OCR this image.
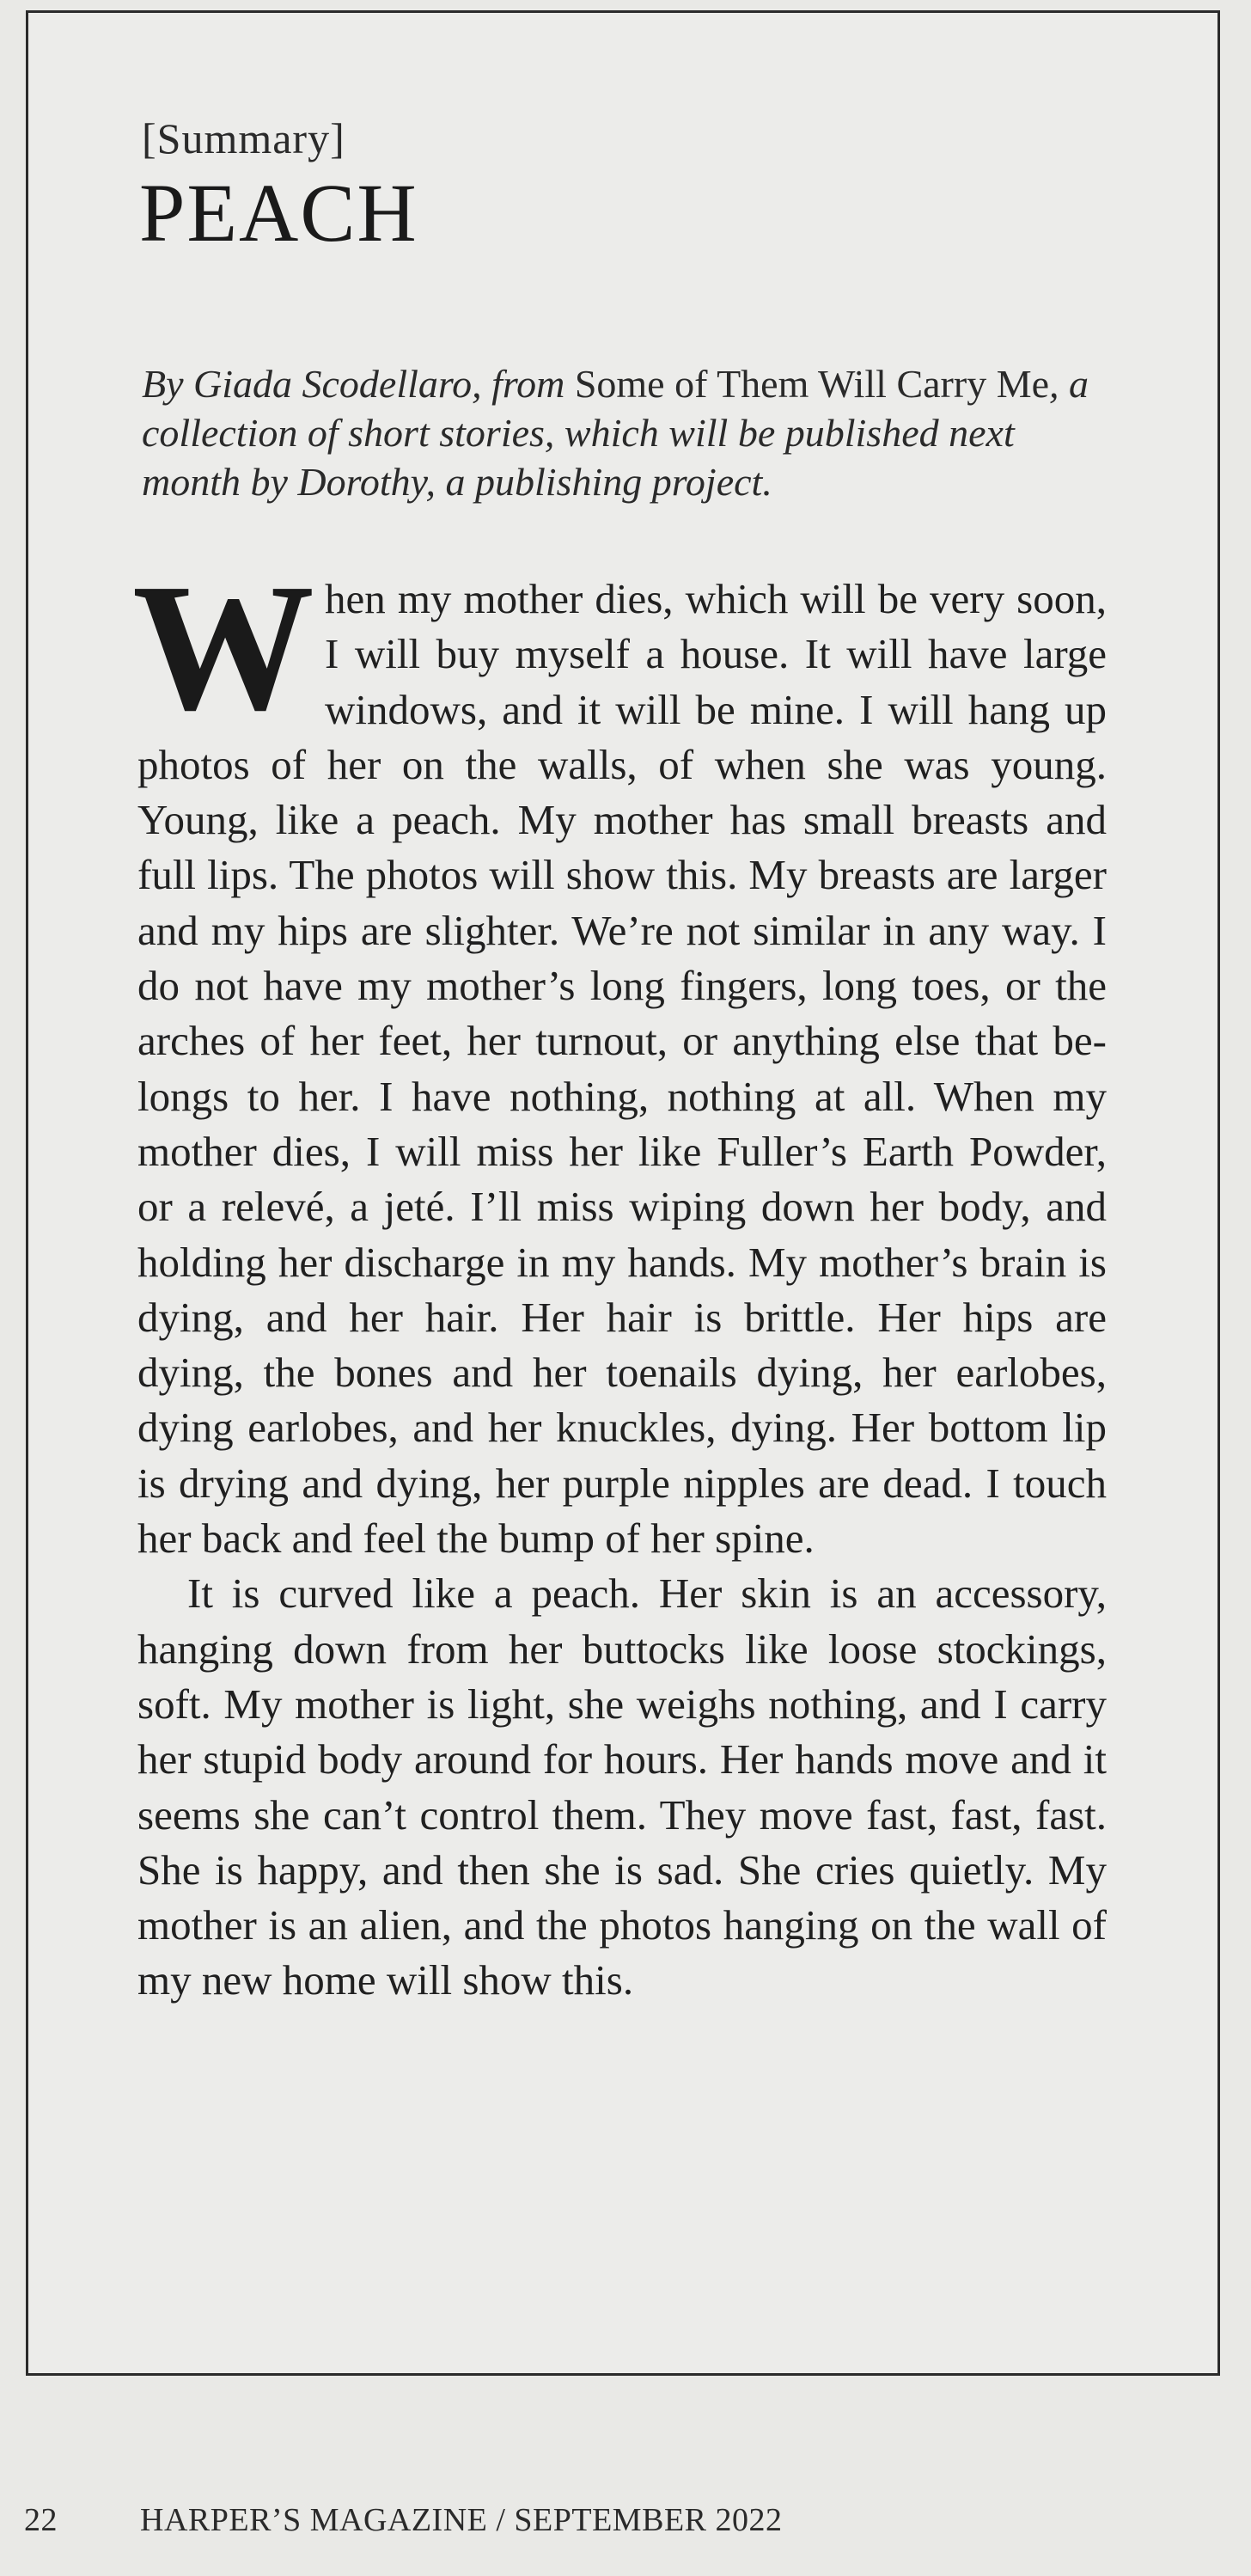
[Summary]
PEACH
By Giada Scodellaro, from Some of Them Will Carry Me, a collection of short stories, which will be published next month by Dorothy, a publishing project.

When my mother dies, which will be very soon, I will buy myself a house. It will have large windows, and it will be mine. I will hang up photos of her on the walls, of when she was young. Young, like a peach. My mother has small breasts and full lips. The photos will show this. My breasts are larger and my hips are slighter. We’re not similar in any way. I do not have my mother’s long fingers, long toes, or the arches of her feet, her turnout, or anything else that belongs to her. I have nothing, nothing at all. When my mother dies, I will miss her like Fuller’s Earth Powder, or a relevé, a jeté. I’ll miss wiping down her body, and holding her discharge in my hands. My mother’s brain is dying, and her hair. Her hair is brittle. Her hips are dying, the bones and her toenails dying, her earlobes, dying earlobes, and her knuckles, dying. Her bottom lip is drying and dying, her purple nipples are dead. I touch her back and feel the bump of her spine.

It is curved like a peach. Her skin is an accessory, hanging down from her buttocks like loose stockings, soft. My mother is light, she weighs nothing, and I carry her stupid body around for hours. Her hands move and it seems she can’t control them. They move fast, fast, fast. She is happy, and then she is sad. She cries quietly. My mother is an alien, and the photos hanging on the wall of my new home will show this.

22	HARPER’S MAGAZINE / SEPTEMBER 2022
